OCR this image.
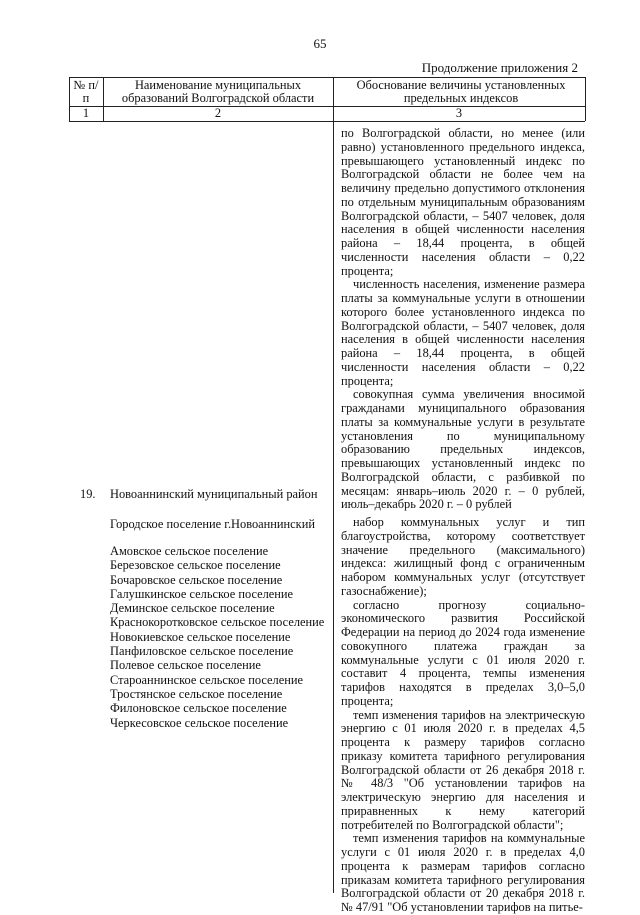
65
Продолжение приложения 2
№ п/п
Наименование муниципальных образований Волгоградской области
Обоснование величины установленных предельных индексов
1	2	3

по Волгоградской области, но менее (или равно) установленного предельного индекса, превышающего установленный индекс по Волгоградской области не более чем на величину предельно допустимого отклонения по отдельным муниципальным образованиям Волгоградской области, – 5407 человек, доля населения в общей численности населения района – 18,44 процента, в общей численности населения области – 0,22 процента;

численность населения, изменение размера платы за коммунальные услуги в отношении которого более установленного индекса по Волгоградской области, – 5407 человек, доля населения в общей численности населения района – 18,44 процента, в общей численности населения области – 0,22 процента;

совокупная сумма увеличения вносимой гражданами муниципального образования платы за коммунальные услуги в результате установления по муниципальному образованию предельных индексов, превышающих установленный индекс по Волгоградской области, с разбивкой по месяцам: январь–июль 2020 г. – 0 рублей, июль–декабрь 2020 г. – 0 рублей

19. Новоаннинский муниципальный район
Городское поселение г.Новоаннинский
Амовское сельское поселение
Березовское сельское поселение
Бочаровское сельское поселение
Галушкинское сельское поселение
Деминское сельское поселение
Краснокоротковское сельское поселение
Новокиевское сельское поселение
Панфиловское сельское поселение
Полевое сельское поселение
Староаннинское сельское поселение
Тростянское сельское поселение
Филоновское сельское поселение
Черкесовское сельское поселение

набор коммунальных услуг и тип благоустройства, которому соответствует значение предельного (максимального) индекса: жилищный фонд с ограниченным набором коммунальных услуг (отсутствует газоснабжение);

согласно прогнозу социально-экономического развития Российской Федерации на период до 2024 года изменение совокупного платежа граждан за коммунальные услуги с 01 июля 2020 г. составит 4 процента, темпы изменения тарифов находятся в пределах 3,0–5,0 процента;

темп изменения тарифов на электрическую энергию с 01 июля 2020 г. в пределах 4,5 процента к размеру тарифов согласно приказу комитета тарифного регулирования Волгоградской области от 26 декабря 2018 г. № 48/3 "Об установлении тарифов на электрическую энергию для населения и приравненных к нему категорий потребителей по Волгоградской области";

темп изменения тарифов на коммунальные услуги с 01 июля 2020 г. в пределах 4,0 процента к размерам тарифов согласно приказам комитета тарифного регулирования Волгоградской области от 20 декабря 2018 г. № 47/91 "Об установлении тарифов на питье-
